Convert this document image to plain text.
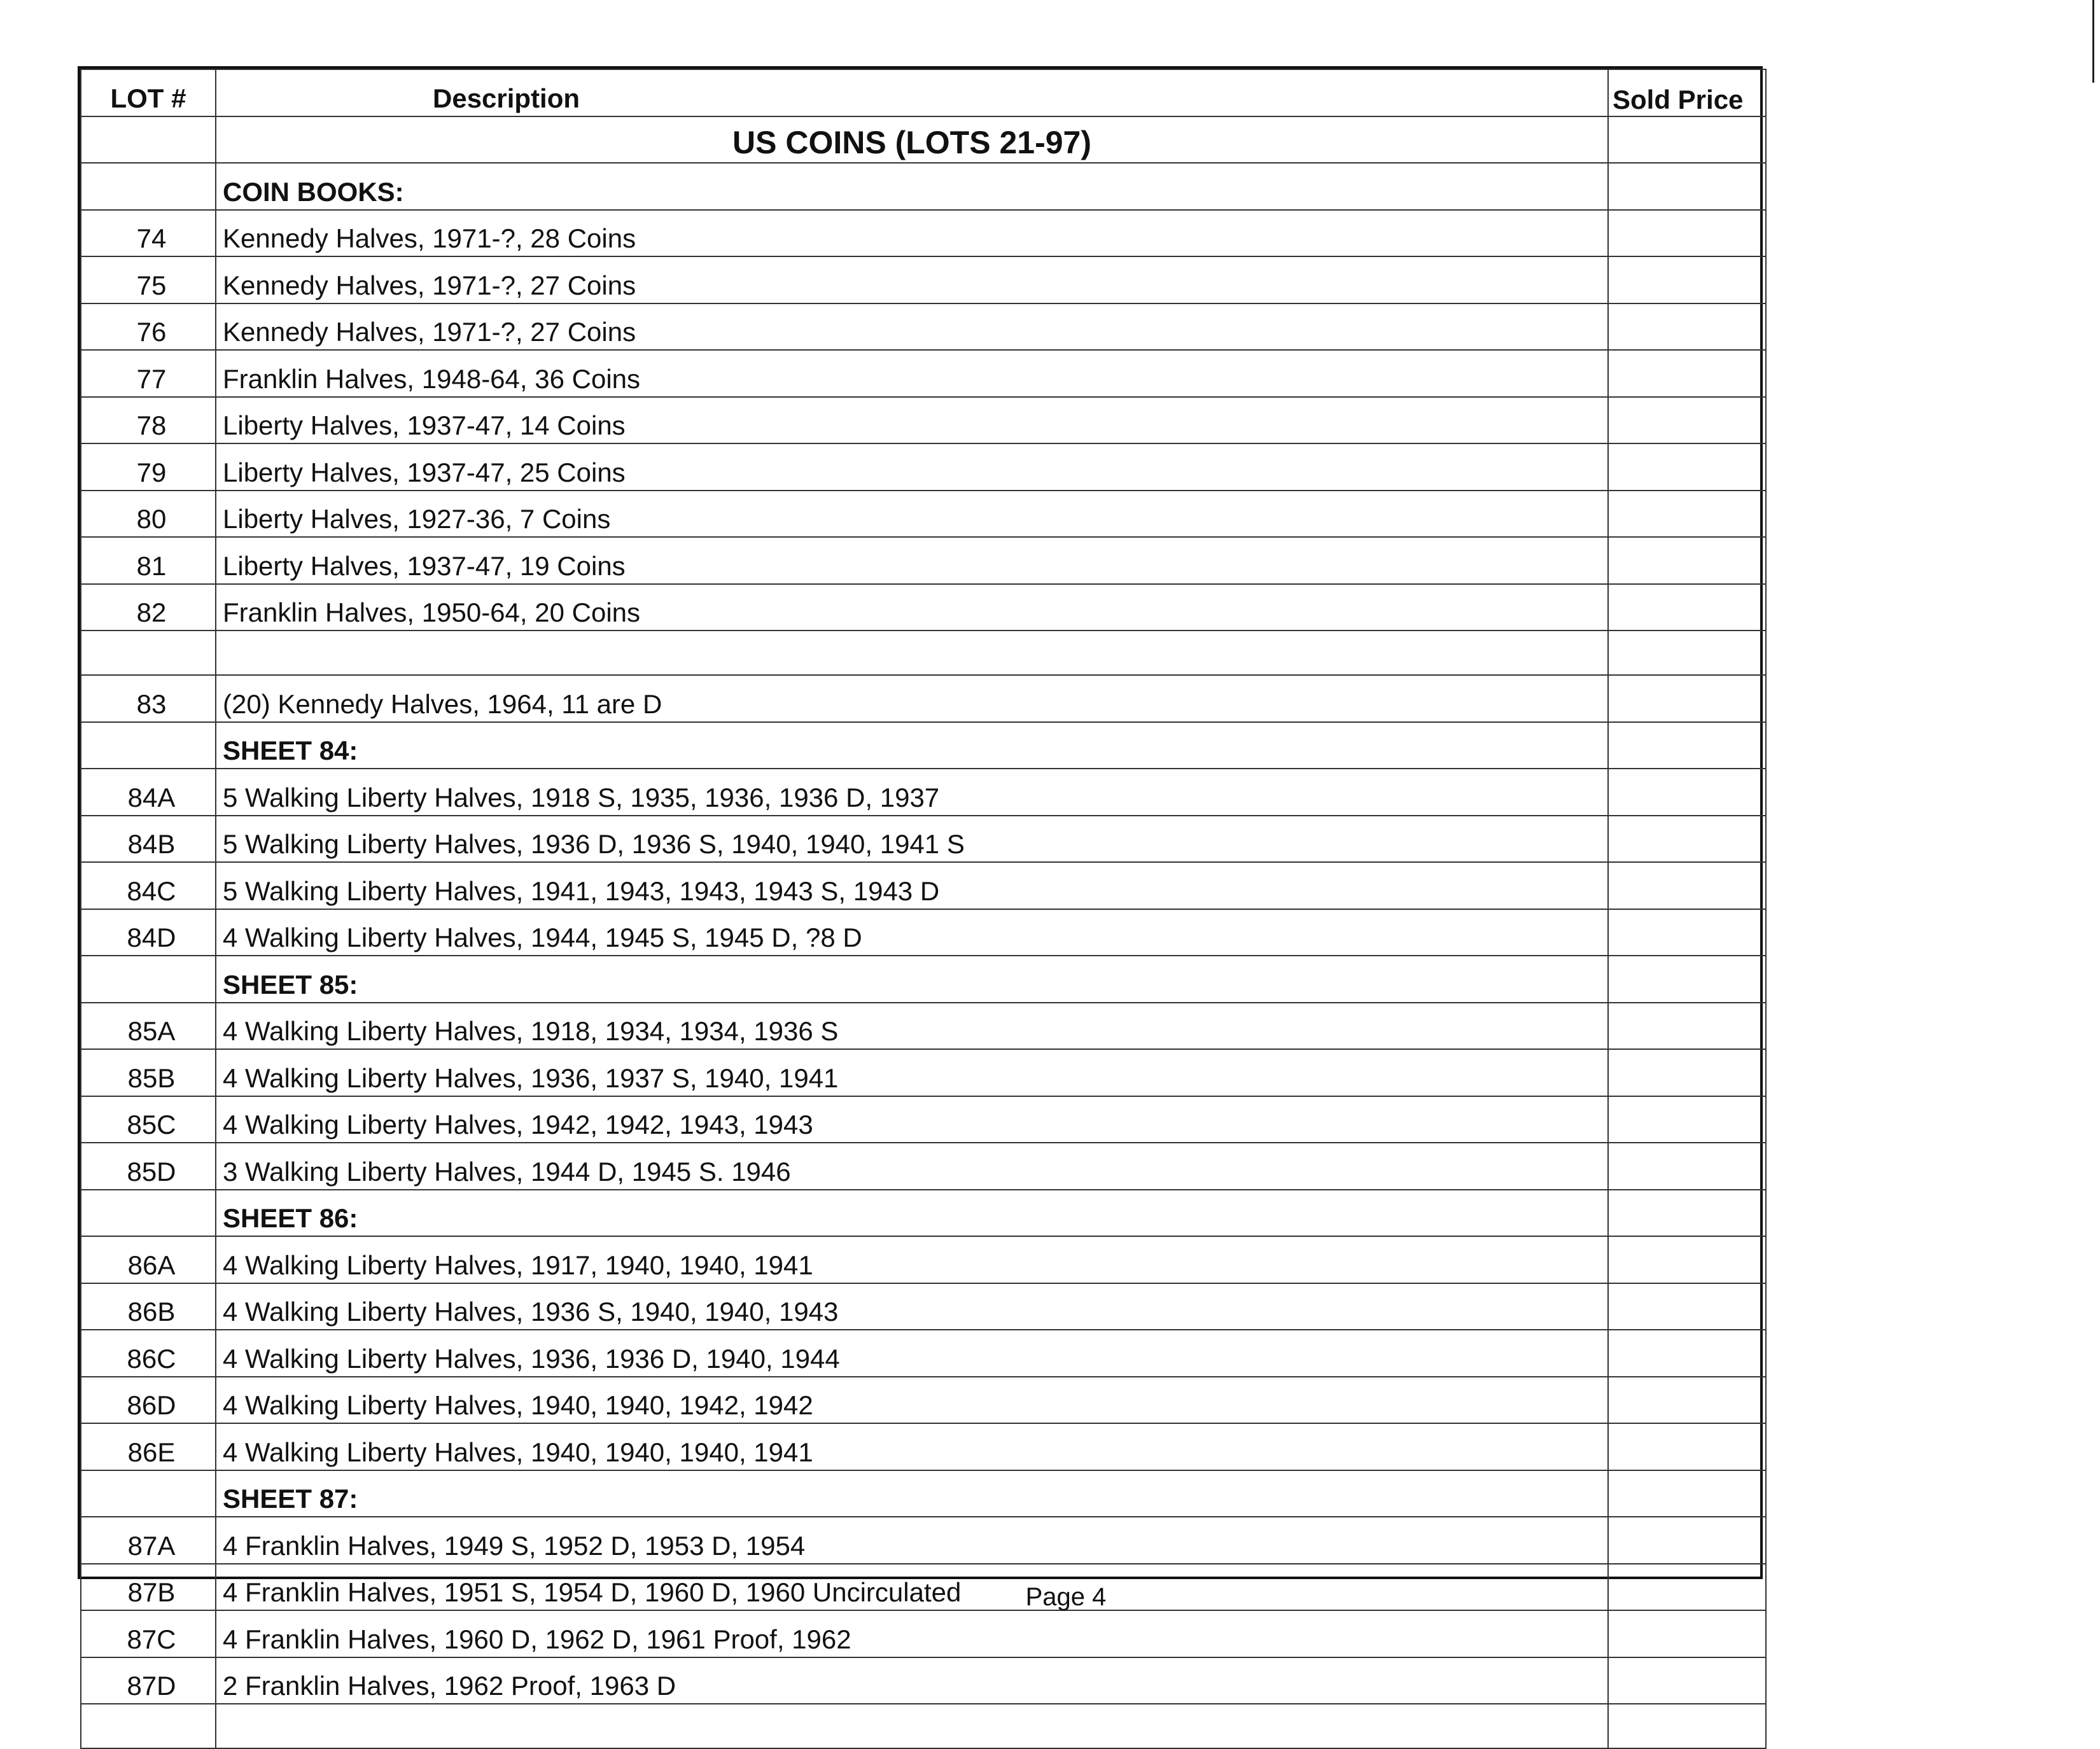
LOT #	Description	Sold Price
	US COINS (LOTS 21-97)	
	COIN BOOKS:	
74	Kennedy Halves, 1971-?, 28 Coins	
75	Kennedy Halves, 1971-?, 27 Coins	
76	Kennedy Halves, 1971-?, 27 Coins	
77	Franklin Halves, 1948-64, 36 Coins	
78	Liberty Halves, 1937-47, 14 Coins	
79	Liberty Halves, 1937-47, 25 Coins	
80	Liberty Halves, 1927-36, 7 Coins	
81	Liberty Halves, 1937-47, 19 Coins	
82	Franklin Halves, 1950-64, 20 Coins	

83	(20) Kennedy Halves, 1964, 11 are D	
	SHEET 84:	
84A	5 Walking Liberty Halves, 1918 S, 1935, 1936, 1936 D, 1937	
84B	5 Walking Liberty Halves, 1936 D, 1936 S, 1940, 1940, 1941 S	
84C	5 Walking Liberty Halves, 1941, 1943, 1943, 1943 S, 1943 D	
84D	4 Walking Liberty Halves, 1944, 1945 S, 1945 D, ?8 D	
	SHEET 85:	
85A	4 Walking Liberty Halves, 1918, 1934, 1934, 1936 S	
85B	4 Walking Liberty Halves, 1936, 1937 S, 1940, 1941	
85C	4 Walking Liberty Halves, 1942, 1942, 1943, 1943	
85D	3 Walking Liberty Halves, 1944 D, 1945 S. 1946	
	SHEET 86:	
86A	4 Walking Liberty Halves, 1917, 1940, 1940, 1941	
86B	4 Walking Liberty Halves, 1936 S, 1940, 1940, 1943	
86C	4 Walking Liberty Halves, 1936, 1936 D, 1940, 1944	
86D	4 Walking Liberty Halves, 1940, 1940, 1942, 1942	
86E	4 Walking Liberty Halves, 1940, 1940, 1940, 1941	
	SHEET 87:	
87A	4 Franklin Halves, 1949 S, 1952 D, 1953 D, 1954	
87B	4 Franklin Halves, 1951 S, 1954 D, 1960 D, 1960 Uncirculated	
87C	4 Franklin Halves, 1960 D, 1962 D, 1961 Proof, 1962	
87D	2 Franklin Halves, 1962 Proof, 1963 D	

Page 4
